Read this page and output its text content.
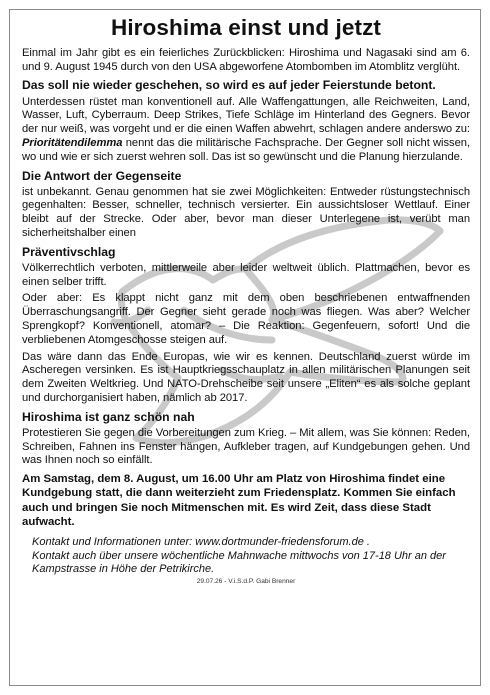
Hiroshima einst und jetzt

Einmal im Jahr gibt es ein feierliches Zurückblicken: Hiroshima und Nagasaki sind am 6. und 9. August 1945 durch von den USA abgeworfene Atombomben im Atomblitz verglüht.

Das soll nie wieder geschehen, so wird es auf jeder Feierstunde betont.

Unterdessen rüstet man konventionell auf. Alle Waffengattungen, alle Reichweiten, Land, Wasser, Luft, Cyberraum. Deep Strikes, Tiefe Schläge im Hinterland des Gegners. Bevor der nur weiß, was vorgeht und er die einen Waffen abwehrt, schlagen andere anderswo zu: Prioritätendilemma nennt das die militärische Fachsprache. Der Gegner soll nicht wissen, wo und wie er sich zuerst wehren soll. Das ist so gewünscht und die Planung hierzulande.

Die Antwort der Gegenseite

ist unbekannt. Genau genommen hat sie zwei Möglichkeiten: Entweder rüstungstechnisch gegenhalten: Besser, schneller, technisch versierter. Ein aussichtsloser Wettlauf. Einer bleibt auf der Strecke. Oder aber, bevor man dieser Unterlegene ist, verübt man sicherheitshalber einen

Präventivschlag

Völkerrechtlich verboten, mittlerweile aber leider weltweit üblich. Plattmachen, bevor es einen selber trifft.

Oder aber: Es klappt nicht ganz mit dem oben beschriebenen entwaffnenden Überraschungsangriff. Der Gegner sieht gerade noch was fliegen. Was aber? Welcher Sprengkopf? Konventionell, atomar? – Die Reaktion: Gegenfeuern, sofort! Und die verbliebenen Atomgeschosse steigen auf.

Das wäre dann das Ende Europas, wie wir es kennen. Deutschland zuerst würde im Ascheregen versinken. Es ist Hauptkriegsschauplatz in allen militärischen Planungen seit dem Zweiten Weltkrieg. Und NATO-Drehscheibe seit unsere „Eliten“ es als solche geplant und durchorganisiert haben, nämlich ab 2017.

Hiroshima ist ganz schön nah

Protestieren Sie gegen die Vorbereitungen zum Krieg. – Mit allem, was Sie können: Reden, Schreiben, Fahnen ins Fenster hängen, Aufkleber tragen, auf Kundgebungen gehen. Und was Ihnen noch so einfällt.

Am Samstag, dem 8. August, um 16.00 Uhr am Platz von Hiroshima findet eine Kundgebung statt, die dann weiterzieht zum Friedensplatz. Kommen Sie einfach auch und bringen Sie noch Mitmenschen mit. Es wird Zeit, dass diese Stadt aufwacht.

Kontakt und Informationen unter: www.dortmunder-friedensforum.de .

Kontakt auch über unsere wöchentliche Mahnwache mittwochs von 17-18 Uhr an der Kampstrasse in Höhe der Petrikirche.

29.07.26 - V.i.S.d.P. Gabi Brenner
